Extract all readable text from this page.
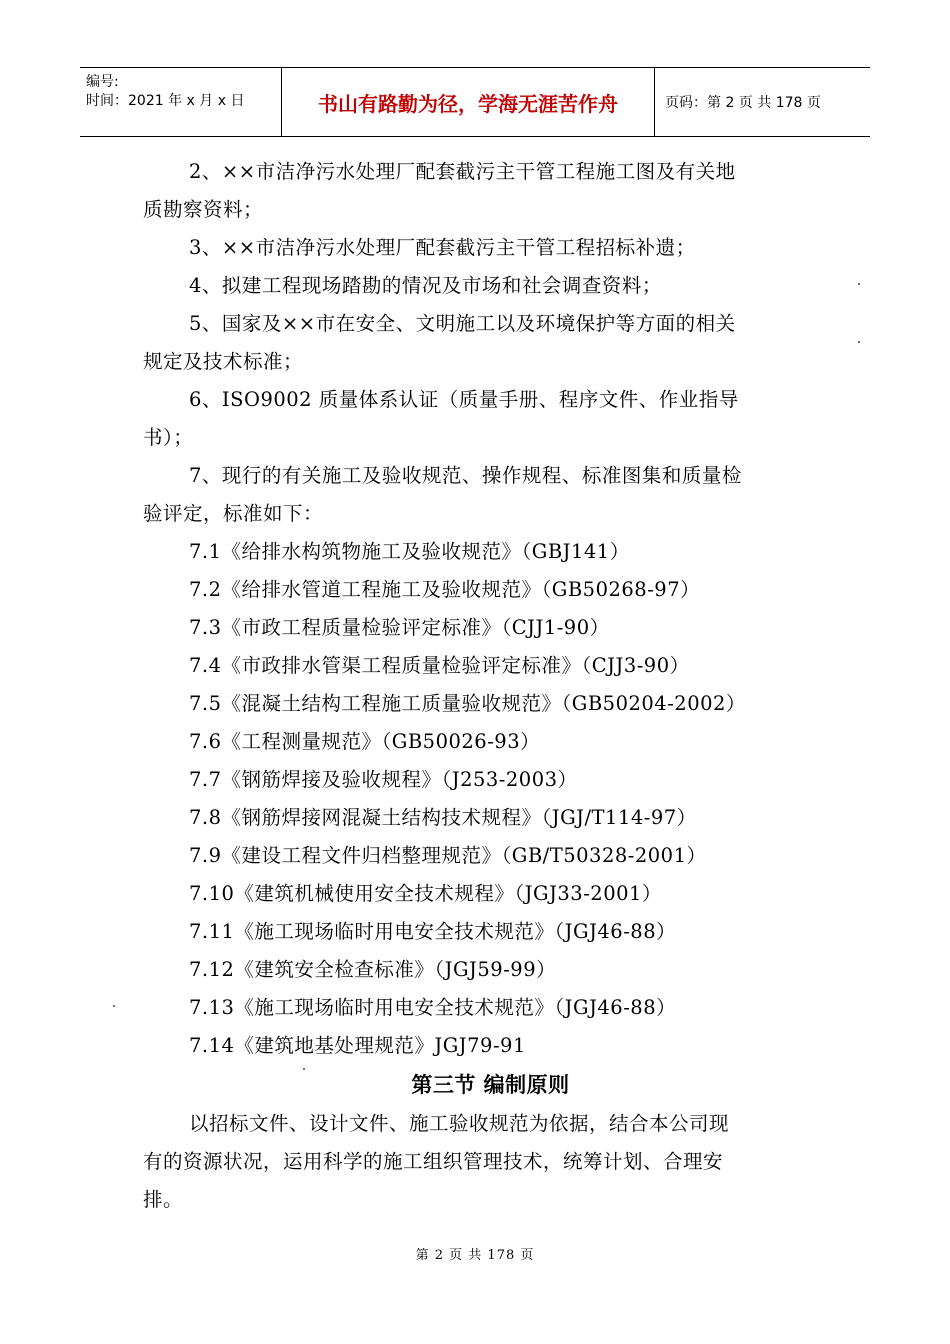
编号:
时间：2021 年 x 月 x 日	书山有路勤为径，学海无涯苦作舟	页码：第 2 页 共 178 页
2、××市洁净污水处理厂配套截污主干管工程施工图及有关地
质勘察资料；
3、××市洁净污水处理厂配套截污主干管工程招标补遗；
4、拟建工程现场踏勘的情况及市场和社会调查资料；
5、国家及××市在安全、文明施工以及环境保护等方面的相关
规定及技术标准；
6、ISO9002 质量体系认证（质量手册、程序文件、作业指导
书）；
7、现行的有关施工及验收规范、操作规程、标准图集和质量检
验评定，标准如下：
7.1《给排水构筑物施工及验收规范》（GBJ141）
7.2《给排水管道工程施工及验收规范》（GB50268-97）
7.3《市政工程质量检验评定标准》（CJJ1-90）
7.4《市政排水管渠工程质量检验评定标准》（CJJ3-90）
7.5《混凝土结构工程施工质量验收规范》（GB50204-2002）
7.6《工程测量规范》（GB50026-93）
7.7《钢筋焊接及验收规程》（J253-2003）
7.8《钢筋焊接网混凝土结构技术规程》（JGJ/T114-97）
7.9《建设工程文件归档整理规范》（GB/T50328-2001）
7.10《建筑机械使用安全技术规程》（JGJ33-2001）
7.11《施工现场临时用电安全技术规范》（JGJ46-88）
7.12《建筑安全检查标准》（JGJ59-99）
7.13《施工现场临时用电安全技术规范》（JGJ46-88）
7.14《建筑地基处理规范》JGJ79-91
第三节 编制原则
以招标文件、设计文件、施工验收规范为依据，结合本公司现
有的资源状况，运用科学的施工组织管理技术，统筹计划、合理安
排。
第 2 页 共 178 页
